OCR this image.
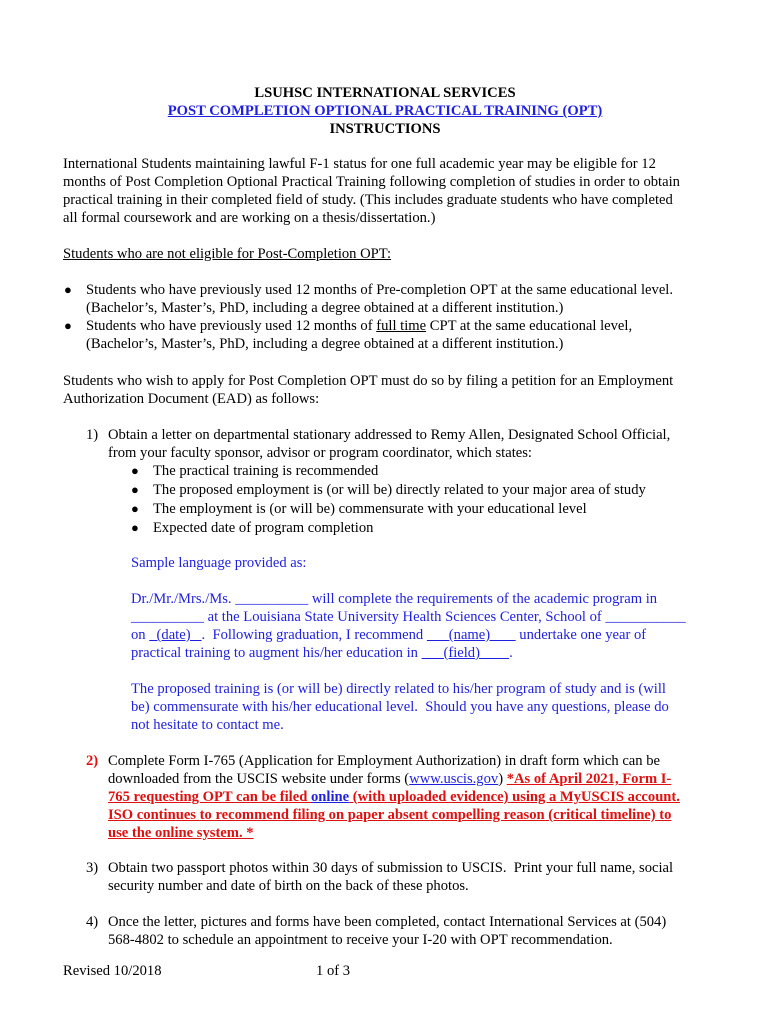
LSUHSC INTERNATIONAL SERVICES
POST COMPLETION OPTIONAL PRACTICAL TRAINING (OPT)
INSTRUCTIONS
International Students maintaining lawful F-1 status for one full academic year may be eligible for 12
months of Post Completion Optional Practical Training following completion of studies in order to obtain
practical training in their completed field of study. (This includes graduate students who have completed
all formal coursework and are working on a thesis/dissertation.)
Students who are not eligible for Post-Completion OPT:
● Students who have previously used 12 months of Pre-completion OPT at the same educational level.
(Bachelor’s, Master’s, PhD, including a degree obtained at a different institution.)
● Students who have previously used 12 months of full time CPT at the same educational level,
(Bachelor’s, Master’s, PhD, including a degree obtained at a different institution.)
Students who wish to apply for Post Completion OPT must do so by filing a petition for an Employment
Authorization Document (EAD) as follows:
1) Obtain a letter on departmental stationary addressed to Remy Allen, Designated School Official,
from your faculty sponsor, advisor or program coordinator, which states:
● The practical training is recommended
● The proposed employment is (or will be) directly related to your major area of study
● The employment is (or will be) commensurate with your educational level
● Expected date of program completion
Sample language provided as:
Dr./Mr./Mrs./Ms. __________ will complete the requirements of the academic program in
__________ at the Louisiana State University Health Sciences Center, School of ___________
on   (date)   .  Following graduation, I recommend       (name)        undertake one year of
practical training to augment his/her education in       (field)        .
The proposed training is (or will be) directly related to his/her program of study and is (will
be) commensurate with his/her educational level.  Should you have any questions, please do
not hesitate to contact me.
2) Complete Form I-765 (Application for Employment Authorization) in draft form which can be
downloaded from the USCIS website under forms (www.uscis.gov) *As of April 2021, Form I-
765 requesting OPT can be filed online (with uploaded evidence) using a MyUSCIS account.
ISO continues to recommend filing on paper absent compelling reason (critical timeline) to
use the online system. *
3) Obtain two passport photos within 30 days of submission to USCIS.  Print your full name, social
security number and date of birth on the back of these photos.
4) Once the letter, pictures and forms have been completed, contact International Services at (504)
568-4802 to schedule an appointment to receive your I-20 with OPT recommendation.
Revised 10/2018	1 of 3
